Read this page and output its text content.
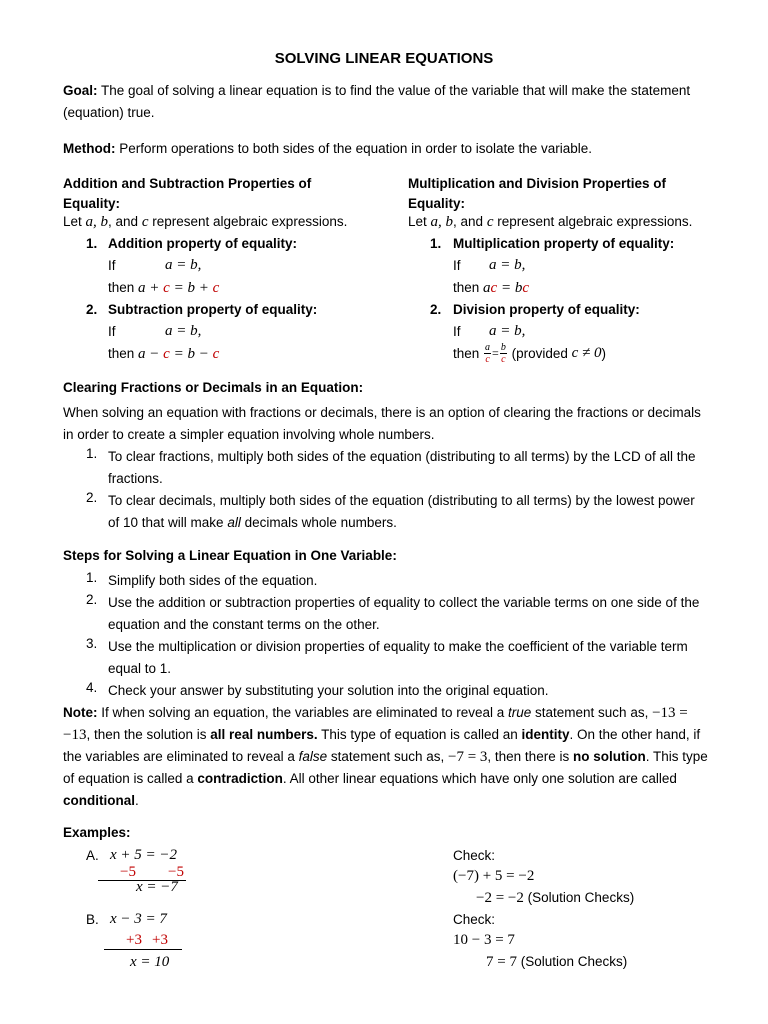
SOLVING LINEAR EQUATIONS
Goal: The goal of solving a linear equation is to find the value of the variable that will make the statement (equation) true.
Method: Perform operations to both sides of the equation in order to isolate the variable.
Addition and Subtraction Properties of Equality:
Let a, b, and c represent algebraic expressions.
1. Addition property of equality:
If	a = b,
then a + c = b + c
2. Subtraction property of equality:
If	a = b,
then a − c = b − c
Multiplication and Division Properties of Equality:
Let a, b, and c represent algebraic expressions.
1. Multiplication property of equality:
If a = b,
then ac = bc
2. Division property of equality:
If a = b,
then $\frac{a}{c} = \frac{b}{c}$ (provided c ≠ 0)
Clearing Fractions or Decimals in an Equation:
When solving an equation with fractions or decimals, there is an option of clearing the fractions or decimals in order to create a simpler equation involving whole numbers.
1. To clear fractions, multiply both sides of the equation (distributing to all terms) by the LCD of all the fractions.
2. To clear decimals, multiply both sides of the equation (distributing to all terms) by the lowest power of 10 that will make all decimals whole numbers.
Steps for Solving a Linear Equation in One Variable:
1. Simplify both sides of the equation.
2. Use the addition or subtraction properties of equality to collect the variable terms on one side of the equation and the constant terms on the other.
3. Use the multiplication or division properties of equality to make the coefficient of the variable term equal to 1.
4. Check your answer by substituting your solution into the original equation.
Note: If when solving an equation, the variables are eliminated to reveal a true statement such as, −13 = −13, then the solution is all real numbers. This type of equation is called an identity. On the other hand, if the variables are eliminated to reveal a false statement such as, −7 = 3, then there is no solution. This type of equation is called a contradiction. All other linear equations which have only one solution are called conditional.
Examples:
A. x + 5 = −2
−5 −5
x = −7
Check:
(−7) + 5 = −2
−2 = −2 (Solution Checks)
B. x − 3 = 7
+3 +3
x = 10
Check:
10 − 3 = 7
7 = 7 (Solution Checks)
